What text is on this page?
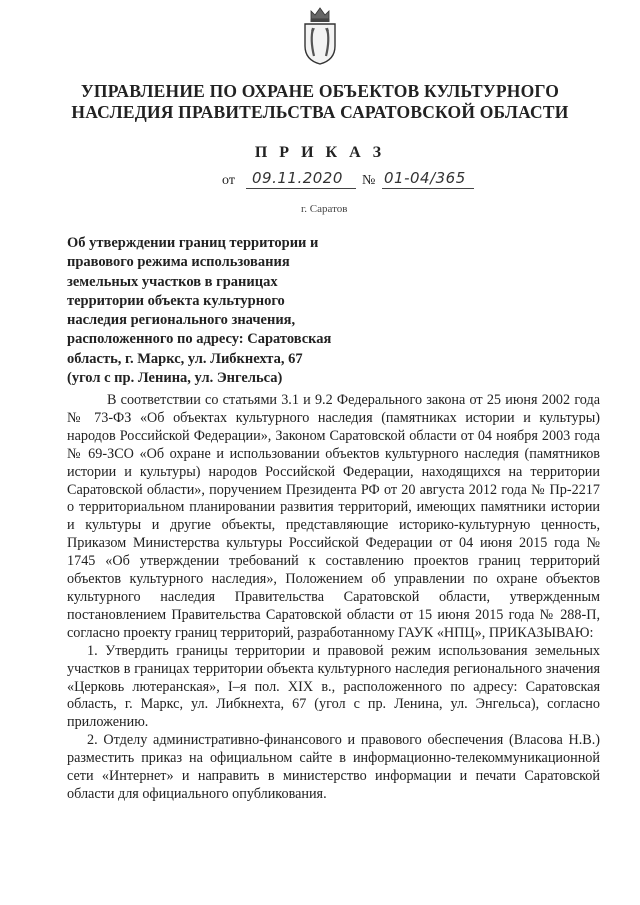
УПРАВЛЕНИЕ ПО ОХРАНЕ ОБЪЕКТОВ КУЛЬТУРНОГО
НАСЛЕДИЯ ПРАВИТЕЛЬСТВА САРАТОВСКОЙ ОБЛАСТИ
П Р И К А З
от 09.11.2020 № 01-04/365
г. Саратов
Об утверждении границ территории и
правового режима использования
земельных участков в границах
территории объекта культурного
наследия регионального значения,
расположенного по адресу: Саратовская
область, г. Маркс, ул. Либкнехта, 67
(угол с пр. Ленина, ул. Энгельса)

В соответствии со статьями 3.1 и 9.2 Федерального закона от 25 июня 2002 года № 73-ФЗ «Об объектах культурного наследия (памятниках истории и культуры) народов Российской Федерации», Законом Саратовской области от 04 ноября 2003 года № 69-ЗСО «Об охране и использовании объектов культурного наследия (памятников истории и культуры) народов Российской Федерации, находящихся на территории Саратовской области», поручением Президента РФ от 20 августа 2012 года № Пр-2217 о территориальном планировании развития территорий, имеющих памятники истории и культуры и другие объекты, представляющие историко-культурную ценность, Приказом Министерства культуры Российской Федерации от 04 июня 2015 года № 1745 «Об утверждении требований к составлению проектов границ территорий объектов культурного наследия», Положением об управлении по охране объектов культурного наследия Правительства Саратовской области, утвержденным постановлением Правительства Саратовской области от 15 июня 2015 года № 288-П, согласно проекту границ территорий, разработанному ГАУК «НПЦ», ПРИКАЗЫВАЮ:

1. Утвердить границы территории и правовой режим использования земельных участков в границах территории объекта культурного наследия регионального значения «Церковь лютеранская», I–я пол. XIX в., расположенного по адресу: Саратовская область, г. Маркс, ул. Либкнехта, 67 (угол с пр. Ленина, ул. Энгельса), согласно приложению.

2. Отделу административно-финансового и правового обеспечения (Власова Н.В.) разместить приказ на официальном сайте в информационно-телекоммуникационной сети «Интернет» и направить в министерство информации и печати Саратовской области для официального опубликования.
